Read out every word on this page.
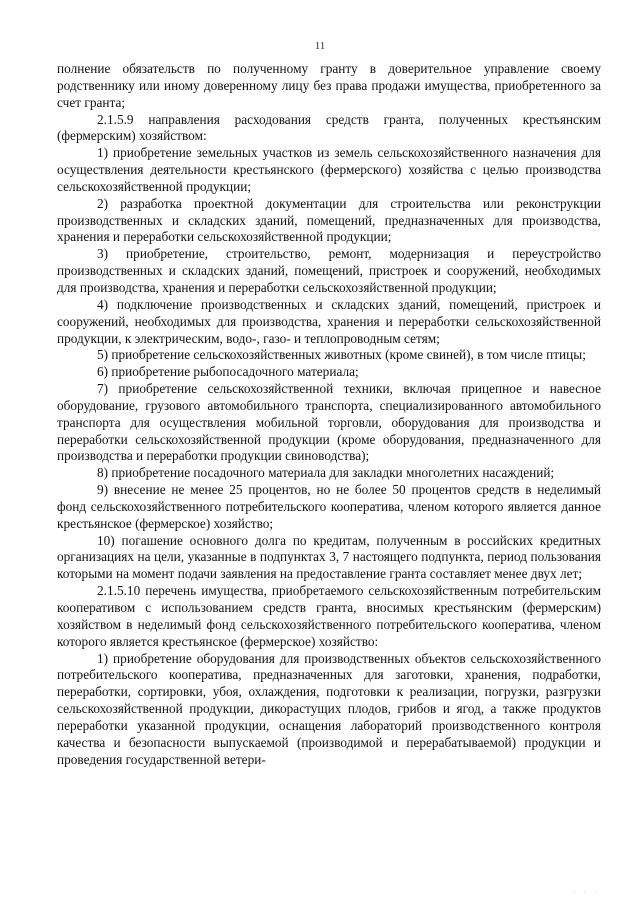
11

полнение обязательств по полученному гранту в доверительное управление своему родственнику или иному доверенному лицу без права продажи имущества, приобретенного за счет гранта;

2.1.5.9 направления расходования средств гранта, полученных крестьянским (фермерским) хозяйством:

1) приобретение земельных участков из земель сельскохозяйственного назначения для осуществления деятельности крестьянского (фермерского) хозяйства с целью производства сельскохозяйственной продукции;

2) разработка проектной документации для строительства или реконструкции производственных и складских зданий, помещений, предназначенных для производства, хранения и переработки сельскохозяйственной продукции;

3) приобретение, строительство, ремонт, модернизация и переустройство производственных и складских зданий, помещений, пристроек и сооружений, необходимых для производства, хранения и переработки сельскохозяйственной продукции;

4) подключение производственных и складских зданий, помещений, пристроек и сооружений, необходимых для производства, хранения и переработки сельскохозяйственной продукции, к электрическим, водо-, газо- и теплопроводным сетям;

5) приобретение сельскохозяйственных животных (кроме свиней), в том числе птицы;

6) приобретение рыбопосадочного материала;

7) приобретение сельскохозяйственной техники, включая прицепное и навесное оборудование, грузового автомобильного транспорта, специализированного автомобильного транспорта для осуществления мобильной торговли, оборудования для производства и переработки сельскохозяйственной продукции (кроме оборудования, предназначенного для производства и переработки продукции свиноводства);

8) приобретение посадочного материала для закладки многолетних насаждений;

9) внесение не менее 25 процентов, но не более 50 процентов средств в неделимый фонд сельскохозяйственного потребительского кооператива, членом которого является данное крестьянское (фермерское) хозяйство;

10) погашение основного долга по кредитам, полученным в российских кредитных организациях на цели, указанные в подпунктах 3, 7 настоящего подпункта, период пользования которыми на момент подачи заявления на предоставление гранта составляет менее двух лет;

2.1.5.10 перечень имущества, приобретаемого сельскохозяйственным потребительским кооперативом с использованием средств гранта, вносимых крестьянским (фермерским) хозяйством в неделимый фонд сельскохозяйственного потребительского кооператива, членом которого является крестьянское (фермерское) хозяйство:

1) приобретение оборудования для производственных объектов сельскохозяйственного потребительского кооператива, предназначенных для заготовки, хранения, подработки, переработки, сортировки, убоя, охлаждения, подготовки к реализации, погрузки, разгрузки сельскохозяйственной продукции, дикорастущих плодов, грибов и ягод, а также продуктов переработки указанной продукции, оснащения лабораторий производственного контроля качества и безопасности выпускаемой (производимой и перерабатываемой) продукции и проведения государственной ветери-

· · ·
